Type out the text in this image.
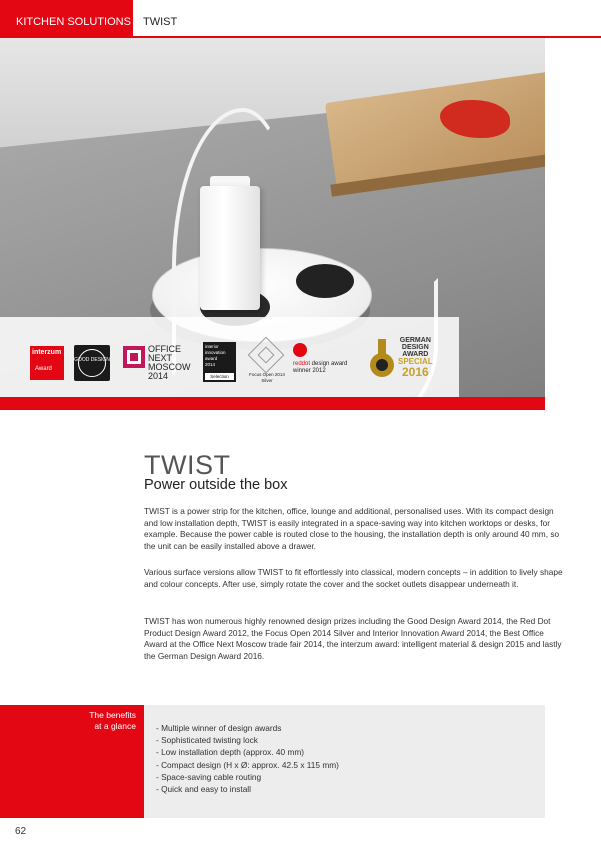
KITCHEN SOLUTIONS TWIST
interzum
Award
GOOD DESIGN
OFFICE
NEXT
MOSCOW
2014
interior
innovation
award
2014
Selection	Focus Open 2014
Silver
reddot design award
winner 2012
GERMAN
DESIGN
AWARD
SPECIAL
2016
TWIST
Power outside the box

TWIST is a power strip for the kitchen, office, lounge and additional, personalised uses. With its compact design and low installation depth, TWIST is easily integrated in a space-saving way into kitchen worktops or desks, for example. Because the power cable is routed close to the housing, the installation depth is only around 40 mm, so the unit can be easily installed above a drawer.

Various surface versions allow TWIST to fit effortlessly into classical, modern concepts – in addition to lively shape and colour concepts. After use, simply rotate the cover and the socket outlets disappear underneath it.

TWIST has won numerous highly renowned design prizes including the Good Design Award 2014, the Red Dot Product Design Award 2012, the Focus Open 2014 Silver and Interior Innovation Award 2014, the Best Office Award at the Office Next Moscow trade fair 2014, the interzum award: intelligent material & design 2015 and lastly the German Design Award 2016.

The benefits
at a glance - Multiple winner of design awards
- Sophisticated twisting lock
- Low installation depth (approx. 40 mm)
- Compact design (H x Ø: approx. 42.5 x 115 mm)
- Space-saving cable routing
- Quick and easy to install
62
